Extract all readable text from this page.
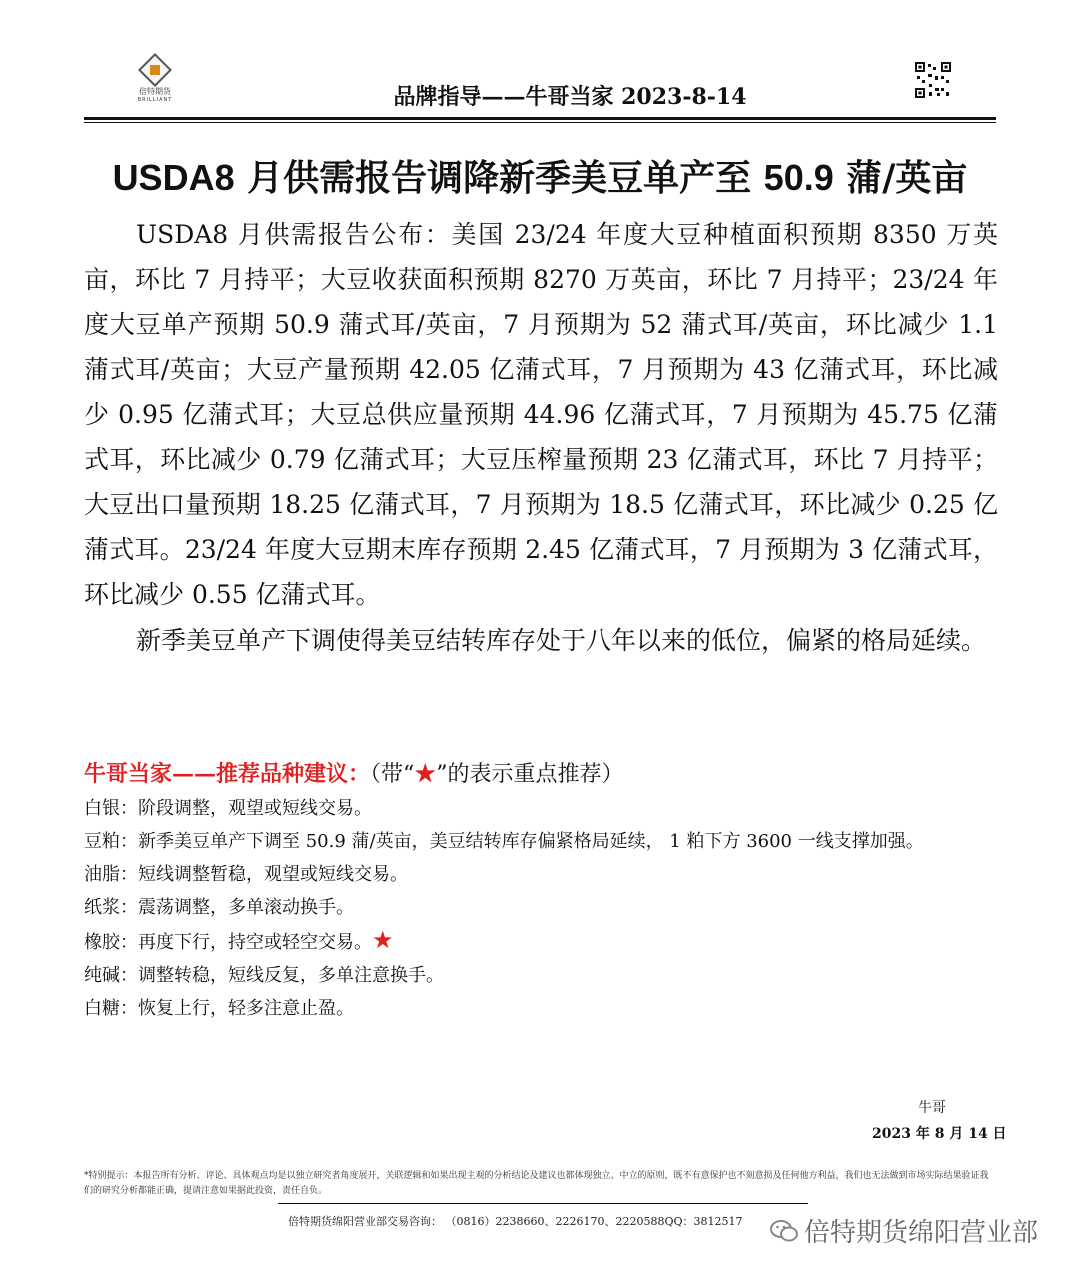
倍特期货
BRILLIANT	品牌指导——牛哥当家 2023-8-14
USDA8 月供需报告调降新季美豆单产至 50.9 蒲/英亩

USDA8 月供需报告公布：美国 23/24 年度大豆种植面积预期 8350 万英亩，环比 7 月持平；大豆收获面积预期 8270 万英亩，环比 7 月持平；23/24 年度大豆单产预期 50.9 蒲式耳/英亩，7 月预期为 52 蒲式耳/英亩，环比减少 1.1 蒲式耳/英亩；大豆产量预期 42.05 亿蒲式耳，7 月预期为 43 亿蒲式耳，环比减少 0.95 亿蒲式耳；大豆总供应量预期 44.96 亿蒲式耳，7 月预期为 45.75 亿蒲式耳，环比减少 0.79 亿蒲式耳；大豆压榨量预期 23 亿蒲式耳，环比 7 月持平；大豆出口量预期 18.25 亿蒲式耳，7 月预期为 18.5 亿蒲式耳，环比减少 0.25 亿蒲式耳。23/24 年度大豆期末库存预期 2.45 亿蒲式耳，7 月预期为 3 亿蒲式耳，环比减少 0.55 亿蒲式耳。

新季美豆单产下调使得美豆结转库存处于八年以来的低位，偏紧的格局延续。

牛哥当家——推荐品种建议：（带“★”的表示重点推荐）
白银：阶段调整，观望或短线交易。
豆粕：新季美豆单产下调至 50.9 蒲/英亩，美豆结转库存偏紧格局延续， 1 粕下方 3600 一线支撑加强。
油脂：短线调整暂稳，观望或短线交易。
纸浆：震荡调整，多单滚动换手。
橡胶：再度下行，持空或轻空交易。★
纯碱：调整转稳，短线反复，多单注意换手。
白糖：恢复上行，轻多注意止盈。
牛哥
2023 年 8 月 14 日
*特别提示：本报告所有分析、评论、具体观点均是以独立研究者角度展开，关联逻辑和如果出现主观的分析结论及建议也都体现独立、中立的原则，既不有意保护也不刻意损及任何他方利益，我们也无法做到市场实际结果验证我们的研究分析都能正确，提请注意如果据此投资，责任自负。
倍特期货绵阳营业部交易咨询： （0816）2238660、2226170、2220588QQ：3812517 倍特期货绵阳营业部
